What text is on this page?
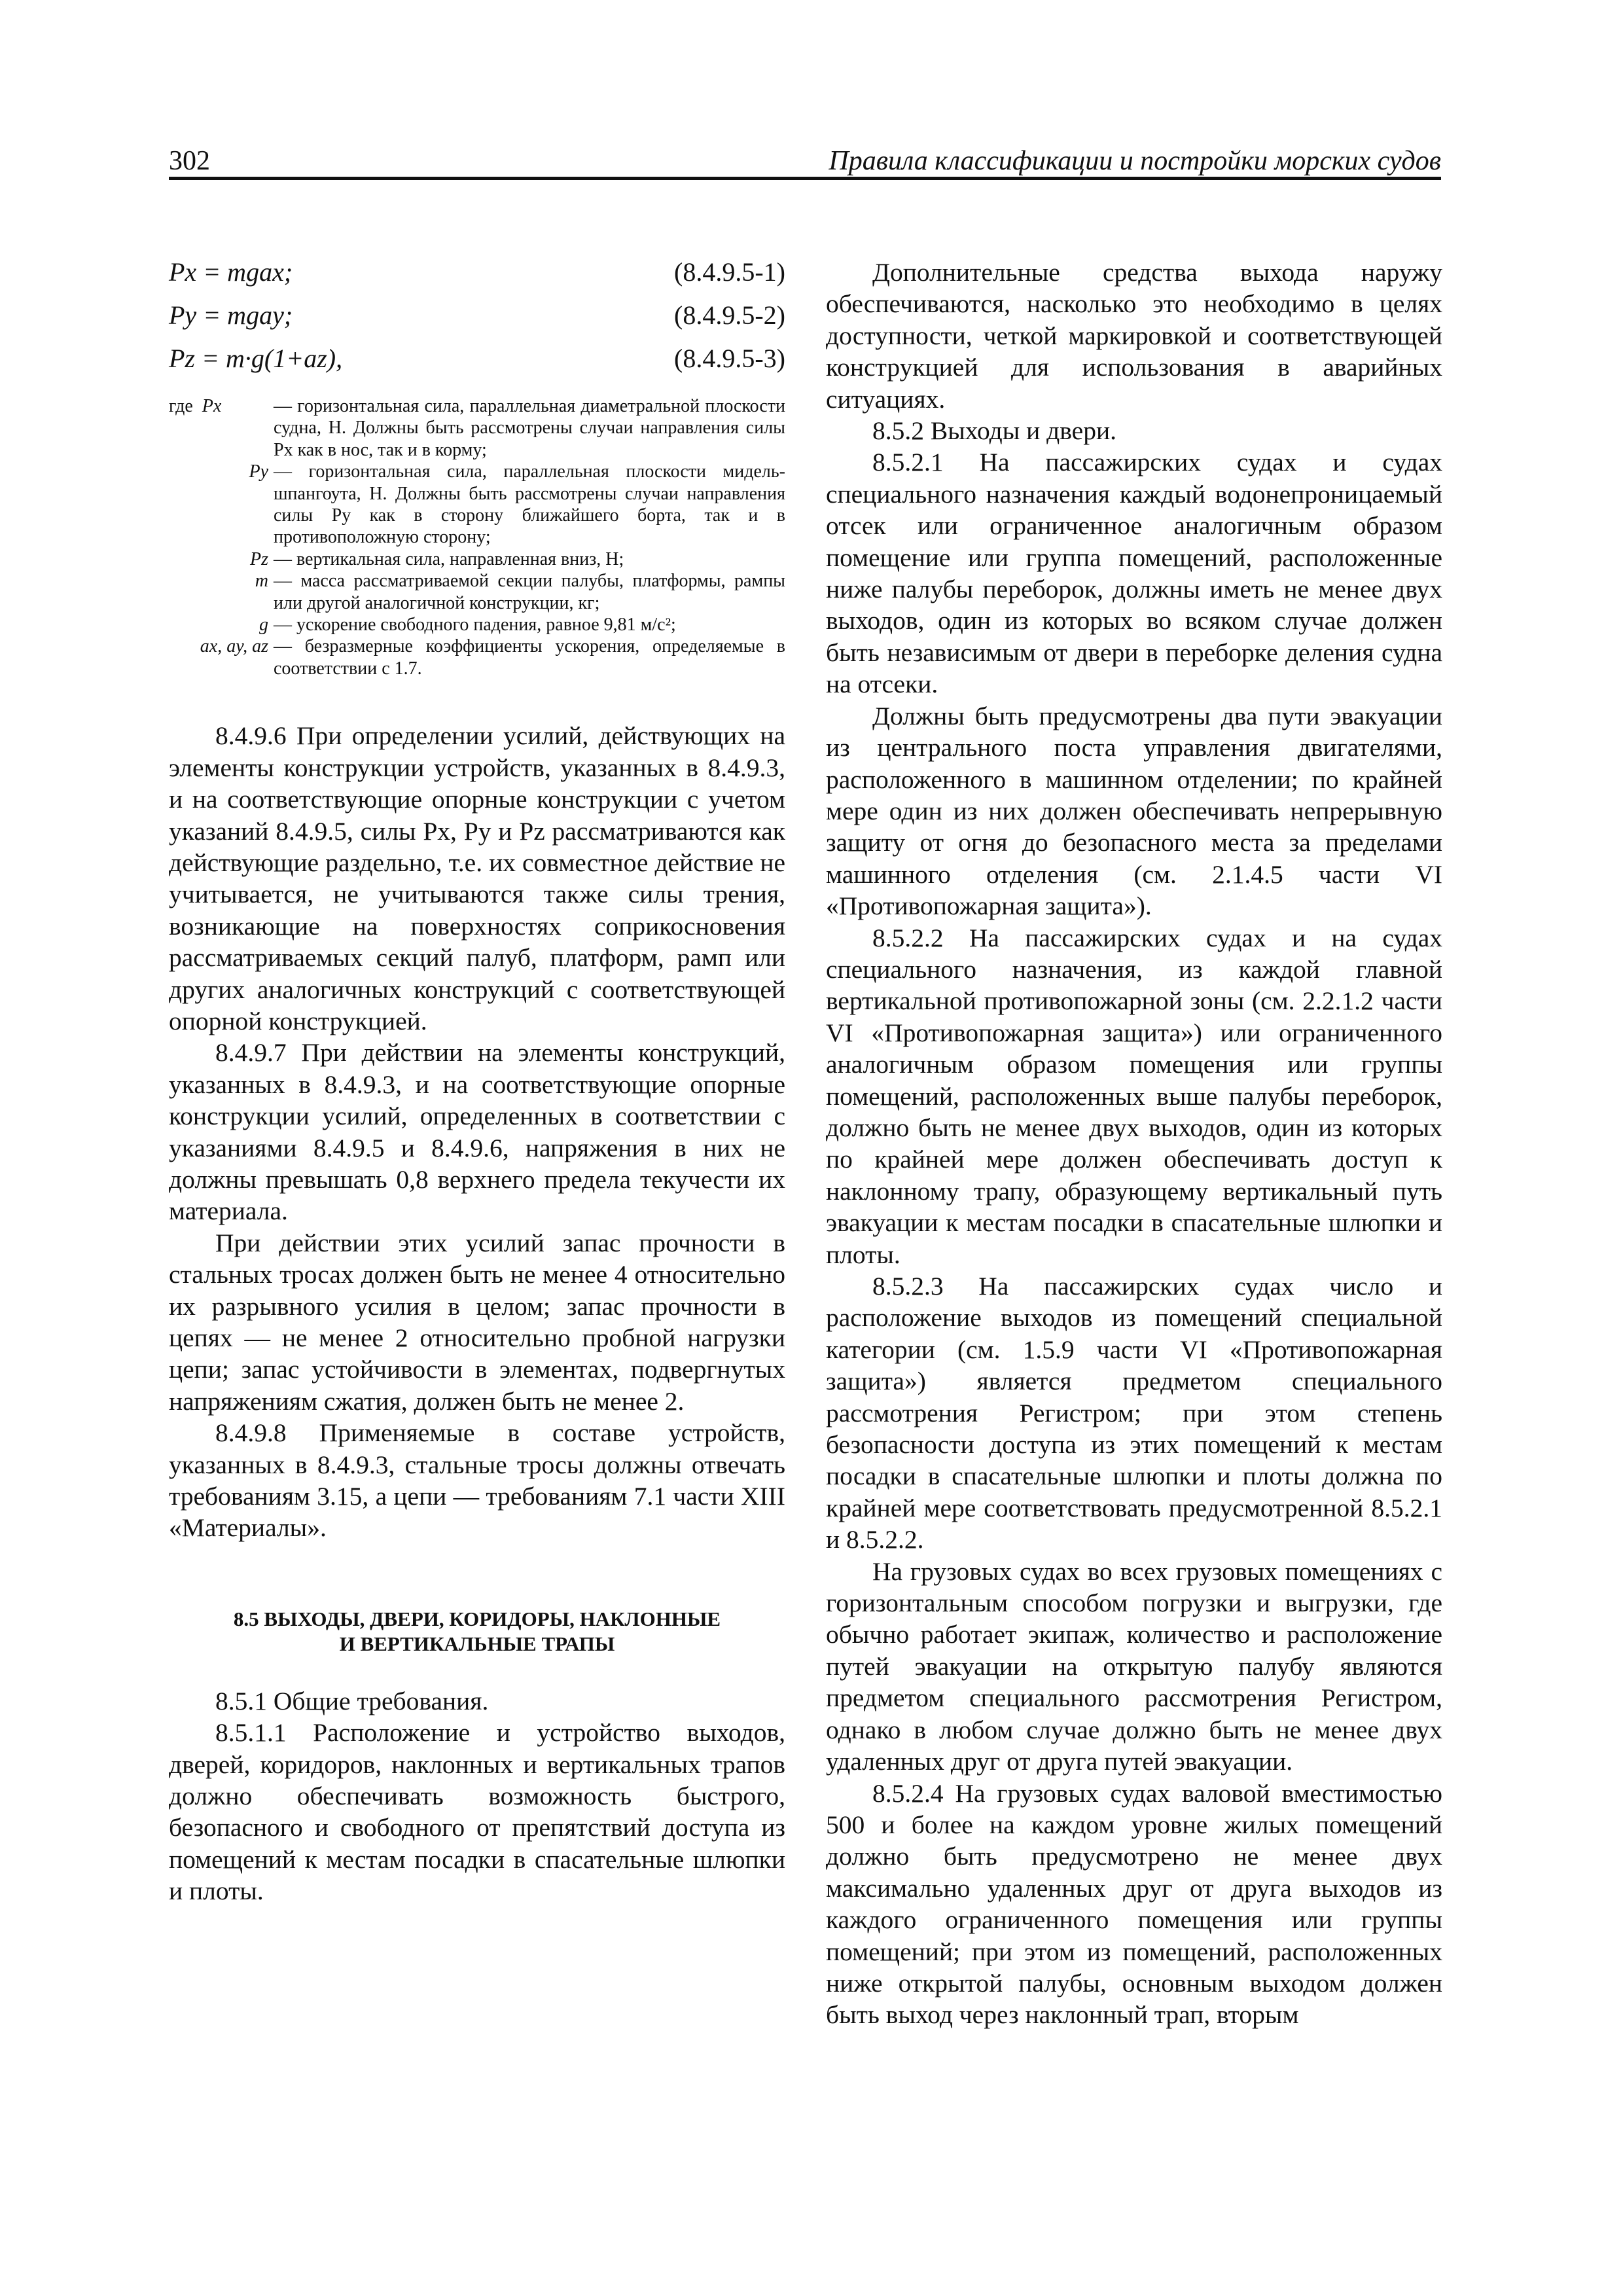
302	Правила классификации и постройки морских судов
Px = mgax;	(8.4.9.5-1)
Py = mgay;	(8.4.9.5-2)
Pz = m·g(1+az),	(8.4.9.5-3)
где Px	— горизонтальная сила, параллельная диаметральной плоскости судна, Н. Должны быть рассмотрены случаи направления силы Px как в нос, так и в корму;
Py — горизонтальная сила, параллельная плоскости мидель-шпангоута, Н. Должны быть рассмотрены случаи направления силы Py как в сторону ближайшего борта, так и в противоположную сторону;
Pz — вертикальная сила, направленная вниз, Н;
m — масса рассматриваемой секции палубы, платформы, рампы или другой аналогичной конструкции, кг;
g — ускорение свободного падения, равное 9,81 м/с²;
ax, ay, az — безразмерные коэффициенты ускорения, определяемые в соответствии с 1.7.

8.4.9.6 При определении усилий, действующих на элементы конструкции устройств, указанных в 8.4.9.3, и на соответствующие опорные конструкции с учетом указаний 8.4.9.5, силы Px, Py и Pz рассматриваются как действующие раздельно, т.е. их совместное действие не учитывается, не учитываются также силы трения, возникающие на поверхностях соприкосновения рассматриваемых секций палуб, платформ, рамп или других аналогичных конструкций с соответствующей опорной конструкцией.

8.4.9.7 При действии на элементы конструкций, указанных в 8.4.9.3, и на соответствующие опорные конструкции усилий, определенных в соответствии с указаниями 8.4.9.5 и 8.4.9.6, напряжения в них не должны превышать 0,8 верхнего предела текучести их материала.

При действии этих усилий запас прочности в стальных тросах должен быть не менее 4 относительно их разрывного усилия в целом; запас прочности в цепях — не менее 2 относительно пробной нагрузки цепи; запас устойчивости в элементах, подвергнутых напряжениям сжатия, должен быть не менее 2.

8.4.9.8 Применяемые в составе устройств, указанных в 8.4.9.3, стальные тросы должны отвечать требованиям 3.15, а цепи — требованиям 7.1 части XIII «Материалы».

8.5 ВЫХОДЫ, ДВЕРИ, КОРИДОРЫ, НАКЛОННЫЕ
И ВЕРТИКАЛЬНЫЕ ТРАПЫ

8.5.1 Общие требования.

8.5.1.1 Расположение и устройство выходов, дверей, коридоров, наклонных и вертикальных трапов должно обеспечивать возможность быстрого, безопасного и свободного от препятствий доступа из помещений к местам посадки в спасательные шлюпки и плоты.

Дополнительные средства выхода наружу обеспечиваются, насколько это необходимо в целях доступности, четкой маркировкой и соответствующей конструкцией для использования в аварийных ситуациях.

8.5.2 Выходы и двери.

8.5.2.1 На пассажирских судах и судах специального назначения каждый водонепроницаемый отсек или ограниченное аналогичным образом помещение или группа помещений, расположенные ниже палубы переборок, должны иметь не менее двух выходов, один из которых во всяком случае должен быть независимым от двери в переборке деления судна на отсеки.

Должны быть предусмотрены два пути эвакуации из центрального поста управления двигателями, расположенного в машинном отделении; по крайней мере один из них должен обеспечивать непрерывную защиту от огня до безопасного места за пределами машинного отделения (см. 2.1.4.5 части VI «Противопожарная защита»).

8.5.2.2 На пассажирских судах и на судах специального назначения, из каждой главной вертикальной противопожарной зоны (см. 2.2.1.2 части VI «Противопожарная защита») или ограниченного аналогичным образом помещения или группы помещений, расположенных выше палубы переборок, должно быть не менее двух выходов, один из которых по крайней мере должен обеспечивать доступ к наклонному трапу, образующему вертикальный путь эвакуации к местам посадки в спасательные шлюпки и плоты.

8.5.2.3 На пассажирских судах число и расположение выходов из помещений специальной категории (см. 1.5.9 части VI «Противопожарная защита») является предметом специального рассмотрения Регистром; при этом степень безопасности доступа из этих помещений к местам посадки в спасательные шлюпки и плоты должна по крайней мере соответствовать предусмотренной 8.5.2.1 и 8.5.2.2.

На грузовых судах во всех грузовых помещениях с горизонтальным способом погрузки и выгрузки, где обычно работает экипаж, количество и расположение путей эвакуации на открытую палубу являются предметом специального рассмотрения Регистром, однако в любом случае должно быть не менее двух удаленных друг от друга путей эвакуации.

8.5.2.4 На грузовых судах валовой вместимостью 500 и более на каждом уровне жилых помещений должно быть предусмотрено не менее двух максимально удаленных друг от друга выходов из каждого ограниченного помещения или группы помещений; при этом из помещений, расположенных ниже открытой палубы, основным выходом должен быть выход через наклонный трап, вторым
